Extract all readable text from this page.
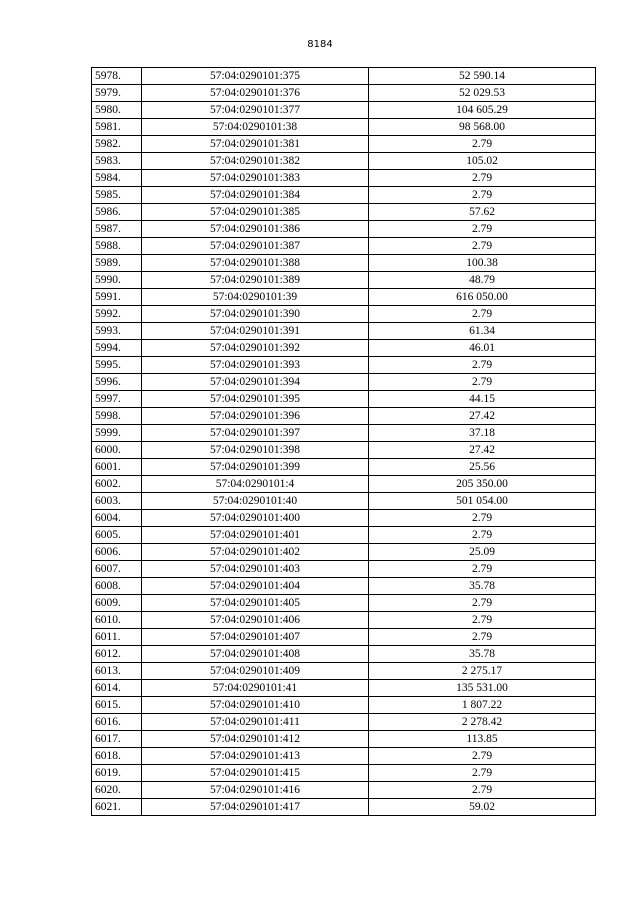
8184
5978.	57:04:0290101:375	52 590.14
5979.	57:04:0290101:376	52 029.53
5980.	57:04:0290101:377	104 605.29
5981.	57:04:0290101:38	98 568.00
5982.	57:04:0290101:381	2.79
5983.	57:04:0290101:382	105.02
5984.	57:04:0290101:383	2.79
5985.	57:04:0290101:384	2.79
5986.	57:04:0290101:385	57.62
5987.	57:04:0290101:386	2.79
5988.	57:04:0290101:387	2.79
5989.	57:04:0290101:388	100.38
5990.	57:04:0290101:389	48.79
5991.	57:04:0290101:39	616 050.00
5992.	57:04:0290101:390	2.79
5993.	57:04:0290101:391	61.34
5994.	57:04:0290101:392	46.01
5995.	57:04:0290101:393	2.79
5996.	57:04:0290101:394	2.79
5997.	57:04:0290101:395	44.15
5998.	57:04:0290101:396	27.42
5999.	57:04:0290101:397	37.18
6000.	57:04:0290101:398	27.42
6001.	57:04:0290101:399	25.56
6002.	57:04:0290101:4	205 350.00
6003.	57:04:0290101:40	501 054.00
6004.	57:04:0290101:400	2.79
6005.	57:04:0290101:401	2.79
6006.	57:04:0290101:402	25.09
6007.	57:04:0290101:403	2.79
6008.	57:04:0290101:404	35.78
6009.	57:04:0290101:405	2.79
6010.	57:04:0290101:406	2.79
6011.	57:04:0290101:407	2.79
6012.	57:04:0290101:408	35.78
6013.	57:04:0290101:409	2 275.17
6014.	57:04:0290101:41	135 531.00
6015.	57:04:0290101:410	1 807.22
6016.	57:04:0290101:411	2 278.42
6017.	57:04:0290101:412	113.85
6018.	57:04:0290101:413	2.79
6019.	57:04:0290101:415	2.79
6020.	57:04:0290101:416	2.79
6021.	57:04:0290101:417	59.02
